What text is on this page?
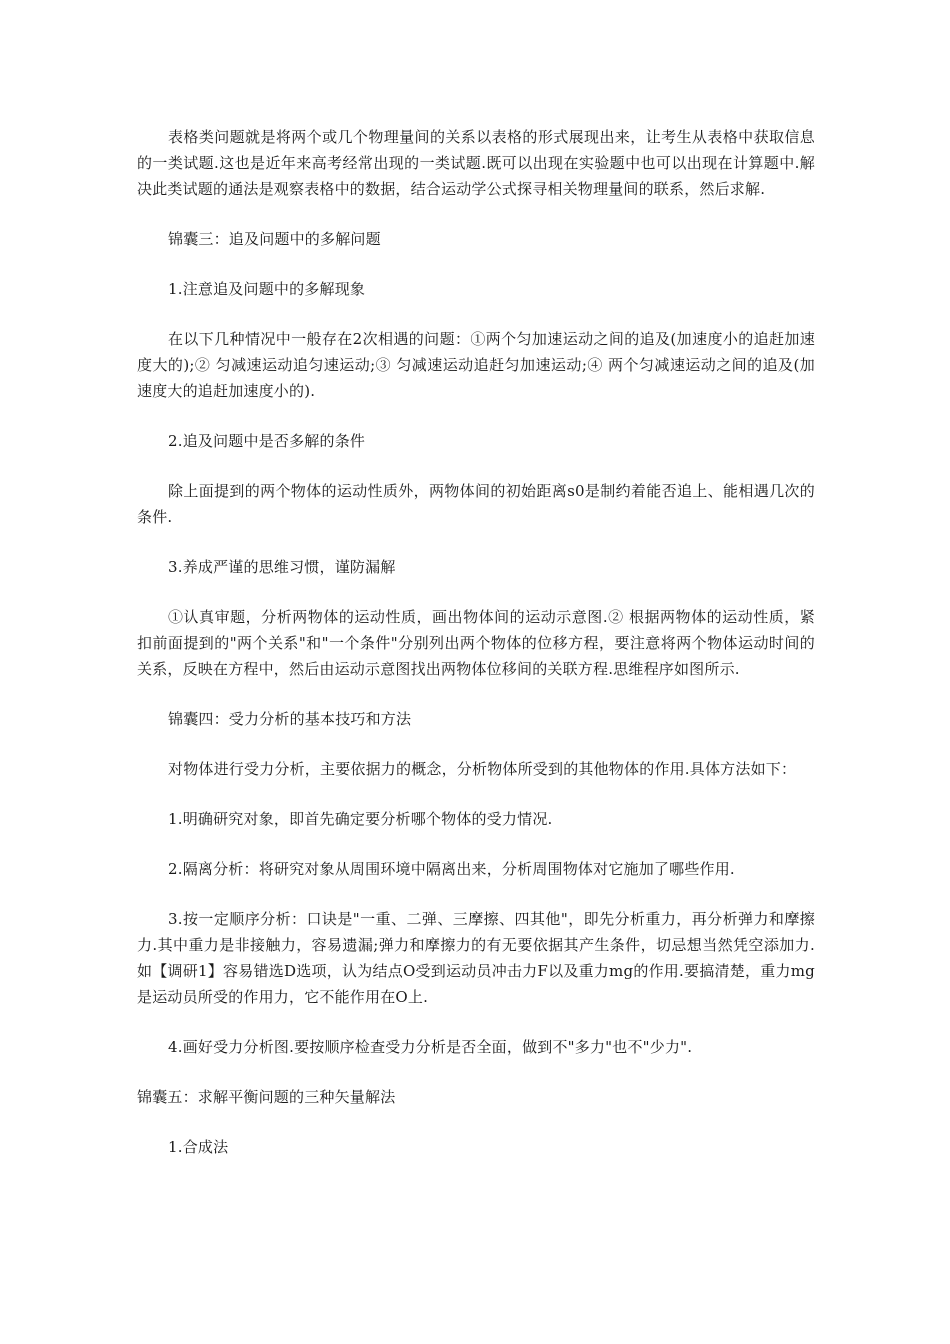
表格类问题就是将两个或几个物理量间的关系以表格的形式展现出来，让考生从表格中获取信息的一类试题.这也是近年来高考经常出现的一类试题.既可以出现在实验题中也可以出现在计算题中.解决此类试题的通法是观察表格中的数据，结合运动学公式探寻相关物理量间的联系，然后求解.

锦囊三：追及问题中的多解问题

1.注意追及问题中的多解现象

在以下几种情况中一般存在2次相遇的问题：①两个匀加速运动之间的追及(加速度小的追赶加速度大的);② 匀减速运动追匀速运动;③ 匀减速运动追赶匀加速运动;④ 两个匀减速运动之间的追及(加速度大的追赶加速度小的).

2.追及问题中是否多解的条件

除上面提到的两个物体的运动性质外，两物体间的初始距离s0是制约着能否追上、能相遇几次的条件.

3.养成严谨的思维习惯，谨防漏解

①认真审题，分析两物体的运动性质，画出物体间的运动示意图.② 根据两物体的运动性质，紧扣前面提到的"两个关系"和"一个条件"分别列出两个物体的位移方程，要注意将两个物体运动时间的关系，反映在方程中，然后由运动示意图找出两物体位移间的关联方程.思维程序如图所示.

锦囊四：受力分析的基本技巧和方法

对物体进行受力分析，主要依据力的概念，分析物体所受到的其他物体的作用.具体方法如下：

1.明确研究对象，即首先确定要分析哪个物体的受力情况.

2.隔离分析：将研究对象从周围环境中隔离出来，分析周围物体对它施加了哪些作用.

3.按一定顺序分析：口诀是"一重、二弹、三摩擦、四其他"，即先分析重力，再分析弹力和摩擦力.其中重力是非接触力，容易遗漏;弹力和摩擦力的有无要依据其产生条件，切忌想当然凭空添加力.如【调研1】容易错选D选项，认为结点O受到运动员冲击力F以及重力mg的作用.要搞清楚，重力mg是运动员所受的作用力，它不能作用在O上.

4.画好受力分析图.要按顺序检查受力分析是否全面，做到不"多力"也不"少力".

锦囊五：求解平衡问题的三种矢量解法

1.合成法
